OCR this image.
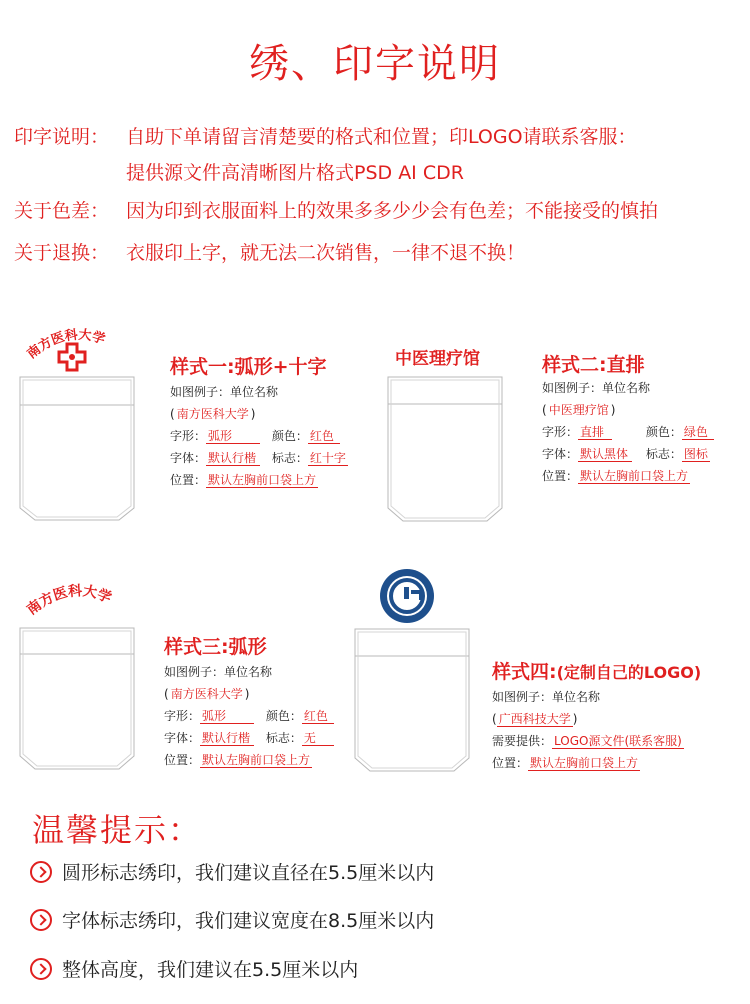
绣、印字说明
印字说明： 自助下单请留言清楚要的格式和位置；印LOGO请联系客服：
提供源文件高清晰图片格式PSD AI CDR
关于色差： 因为印到衣服面料上的效果多多少少会有色差；不能接受的慎拍
关于退换： 衣服印上字，就无法二次销售，一律不退不换！
南方医科大学
样式一:弧形+十字
如图例子：单位名称
( 南方医科大学 )
字形： 弧形	颜色： 红色
字体： 默认行楷 标志： 红十字
位置： 默认左胸前口袋上方
中医理疗馆	样式二:直排
如图例子：单位名称
( 中医理疗馆 )
字形： 直排	颜色： 绿色
字体： 默认黑体 标志： 图标
位置： 默认左胸前口袋上方
南方医科大学
样式三:弧形
如图例子：单位名称
( 南方医科大学 )
字形： 弧形	颜色： 红色
字体： 默认行楷 标志： 无
位置： 默认左胸前口袋上方
样式四:(定制自己的LOGO)
如图例子：单位名称
( 广西科技大学 )
需要提供： LOGO源文件(联系客服)
位置： 默认左胸前口袋上方
温馨提示：
圆形标志绣印，我们建议直径在5.5厘米以内
字体标志绣印，我们建议宽度在8.5厘米以内
整体高度，我们建议在5.5厘米以内
